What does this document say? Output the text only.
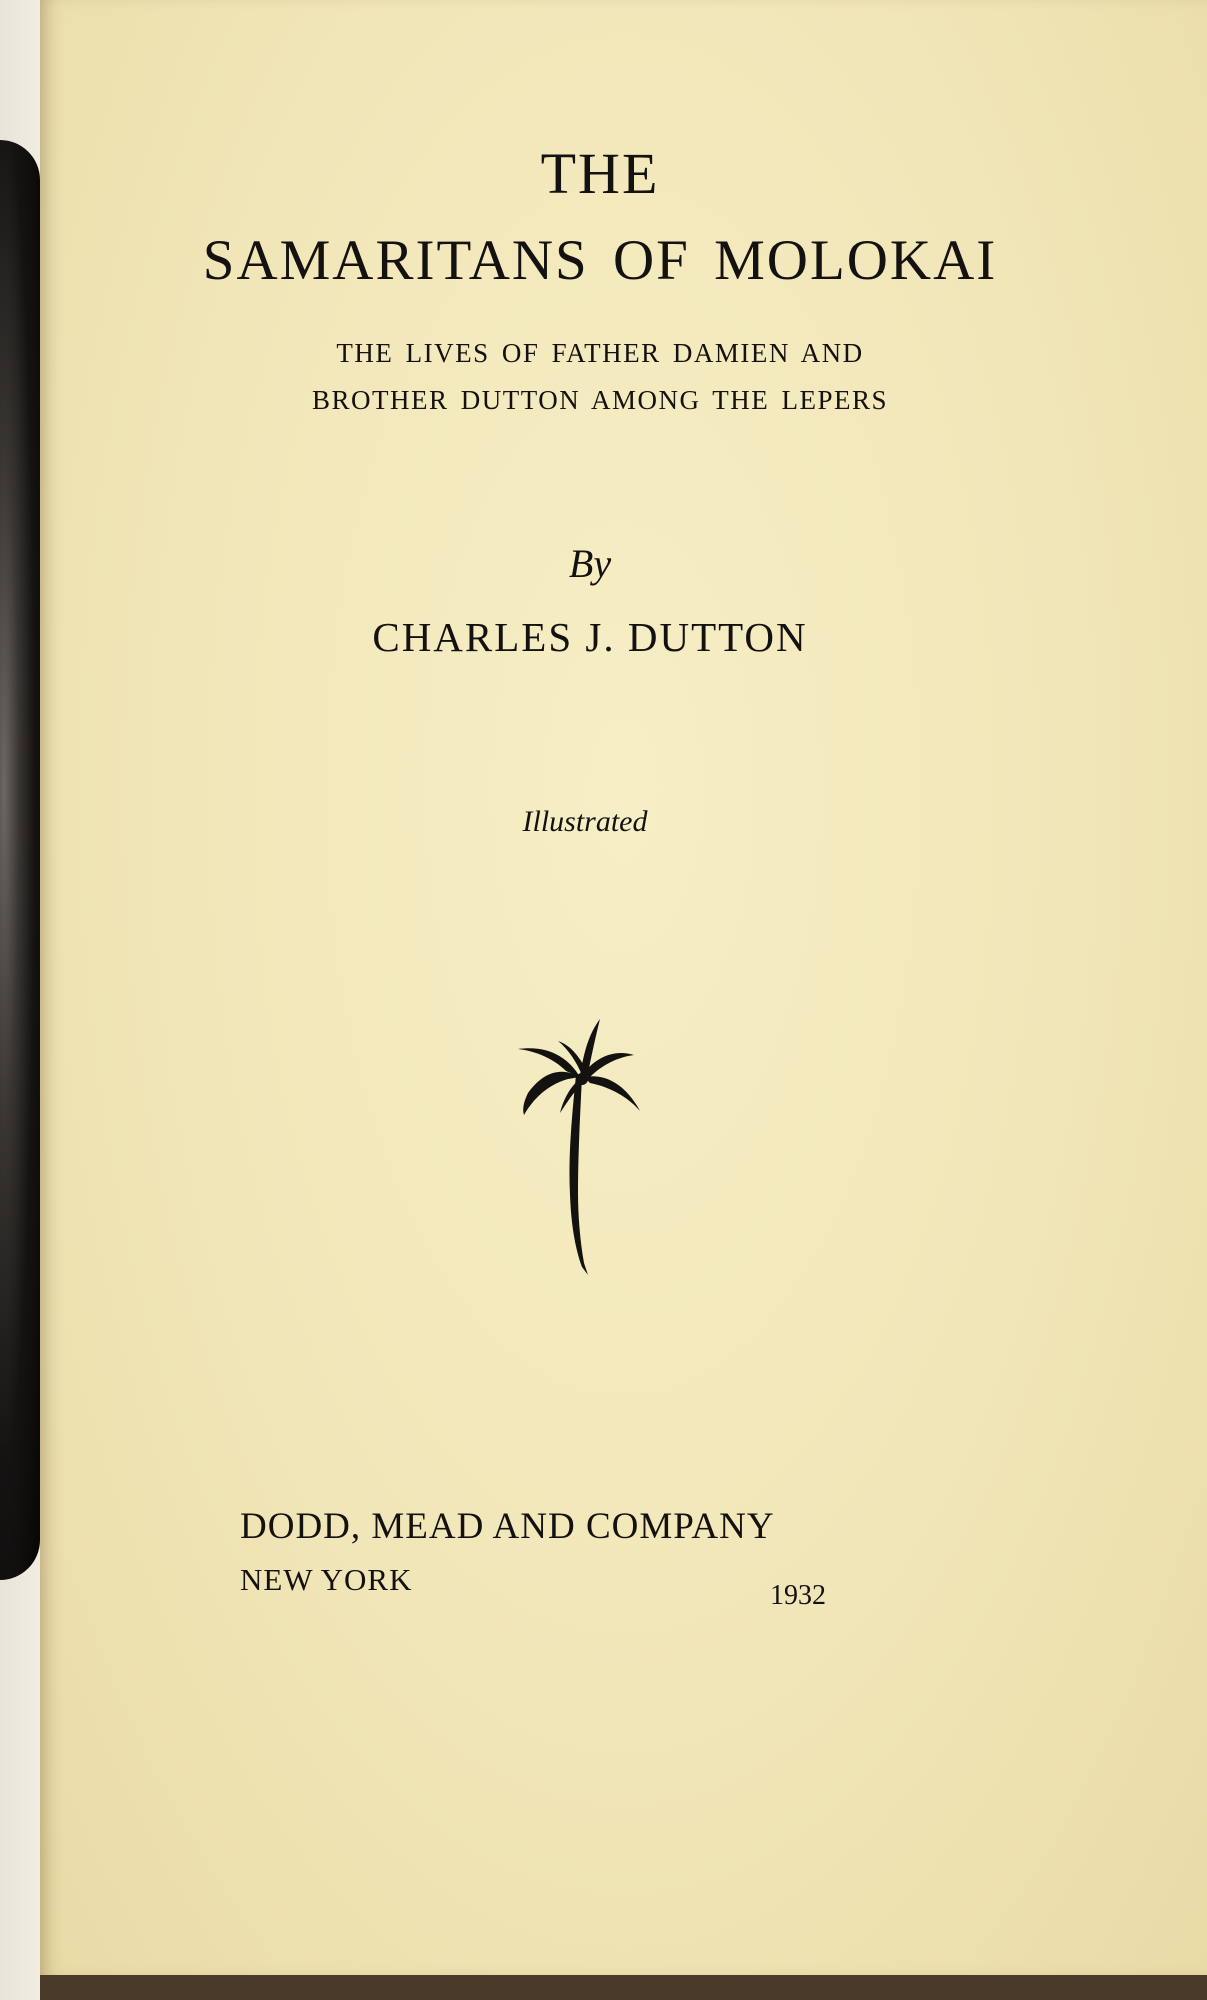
THE

SAMARITANS OF MOLOKAI

THE LIVES OF FATHER DAMIEN AND

BROTHER DUTTON AMONG THE LEPERS

By

CHARLES J. DUTTON

Illustrated

DODD, MEAD AND COMPANY

NEW YORK	1932
